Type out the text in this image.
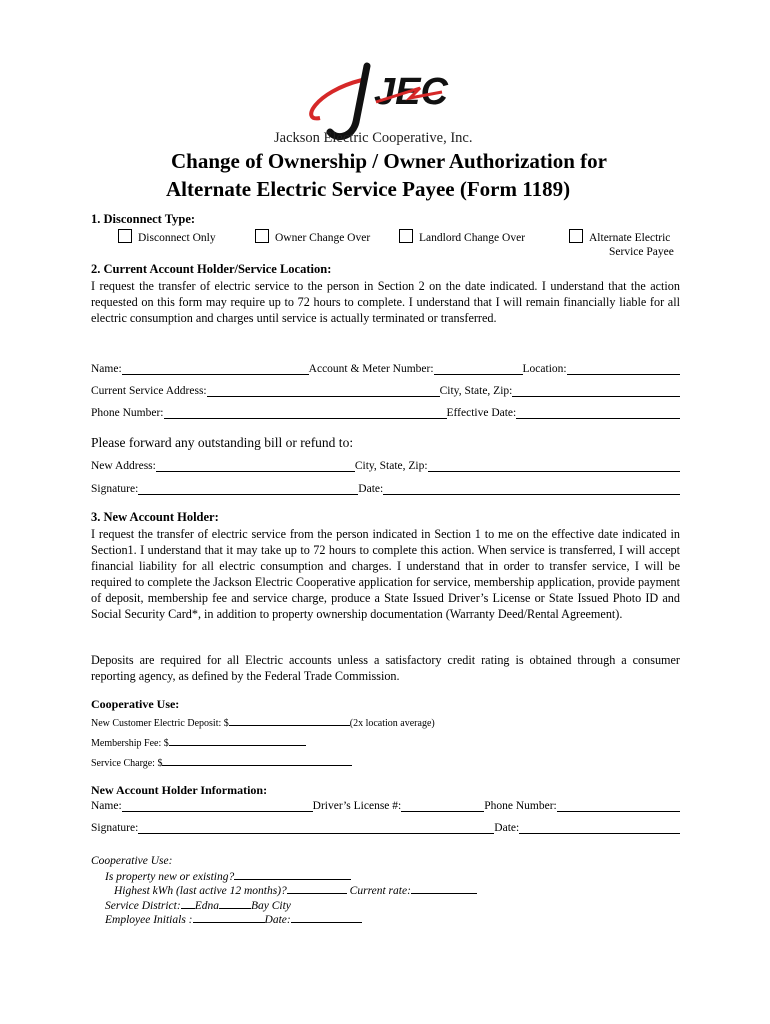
JEC
Jackson Electric Cooperative, Inc.
Change of Ownership / Owner Authorization for
Alternate Electric Service Payee (Form 1189)
1. Disconnect Type:
Disconnect Only	Owner Change Over	Landlord Change Over	Alternate Electric
Service Payee
2. Current Account Holder/Service Location:
I request the transfer of electric service to the person in Section 2 on the date indicated. I understand that the action requested on this form may require up to 72 hours to complete. I understand that I will remain financially liable for all electric consumption and charges until service is actually terminated or transferred.
Name:	Account & Meter Number:	Location:
Current Service Address:	City, State, Zip:
Phone Number:	Effective Date:
Please forward any outstanding bill or refund to:
New Address:	City, State, Zip:
Signature:	Date:
3. New Account Holder:
I request the transfer of electric service from the person indicated in Section 1 to me on the effective date indicated in Section1. I understand that it may take up to 72 hours to complete this action. When service is transferred, I will accept financial liability for all electric consumption and charges. I understand that in order to transfer service, I will be required to complete the Jackson Electric Cooperative application for service, membership application, provide payment of deposit, membership fee and service charge, produce a State Issued Driver’s License or State Issued Photo ID and Social Security Card*, in addition to property ownership documentation (Warranty Deed/Rental Agreement).
Deposits are required for all Electric accounts unless a satisfactory credit rating is obtained through a consumer reporting agency, as defined by the Federal Trade Commission.
Cooperative Use:
New Customer Electric Deposit: $	(2x location average)
Membership Fee: $
Service Charge: $
New Account Holder Information:
Name:	Driver’s License #:	Phone Number:
Signature:	Date:
Cooperative Use:
Is property new or existing?
Highest kWh (last active 12 months)?	Current rate:
Service District: Edna	Bay City
Employee Initials :	Date:
